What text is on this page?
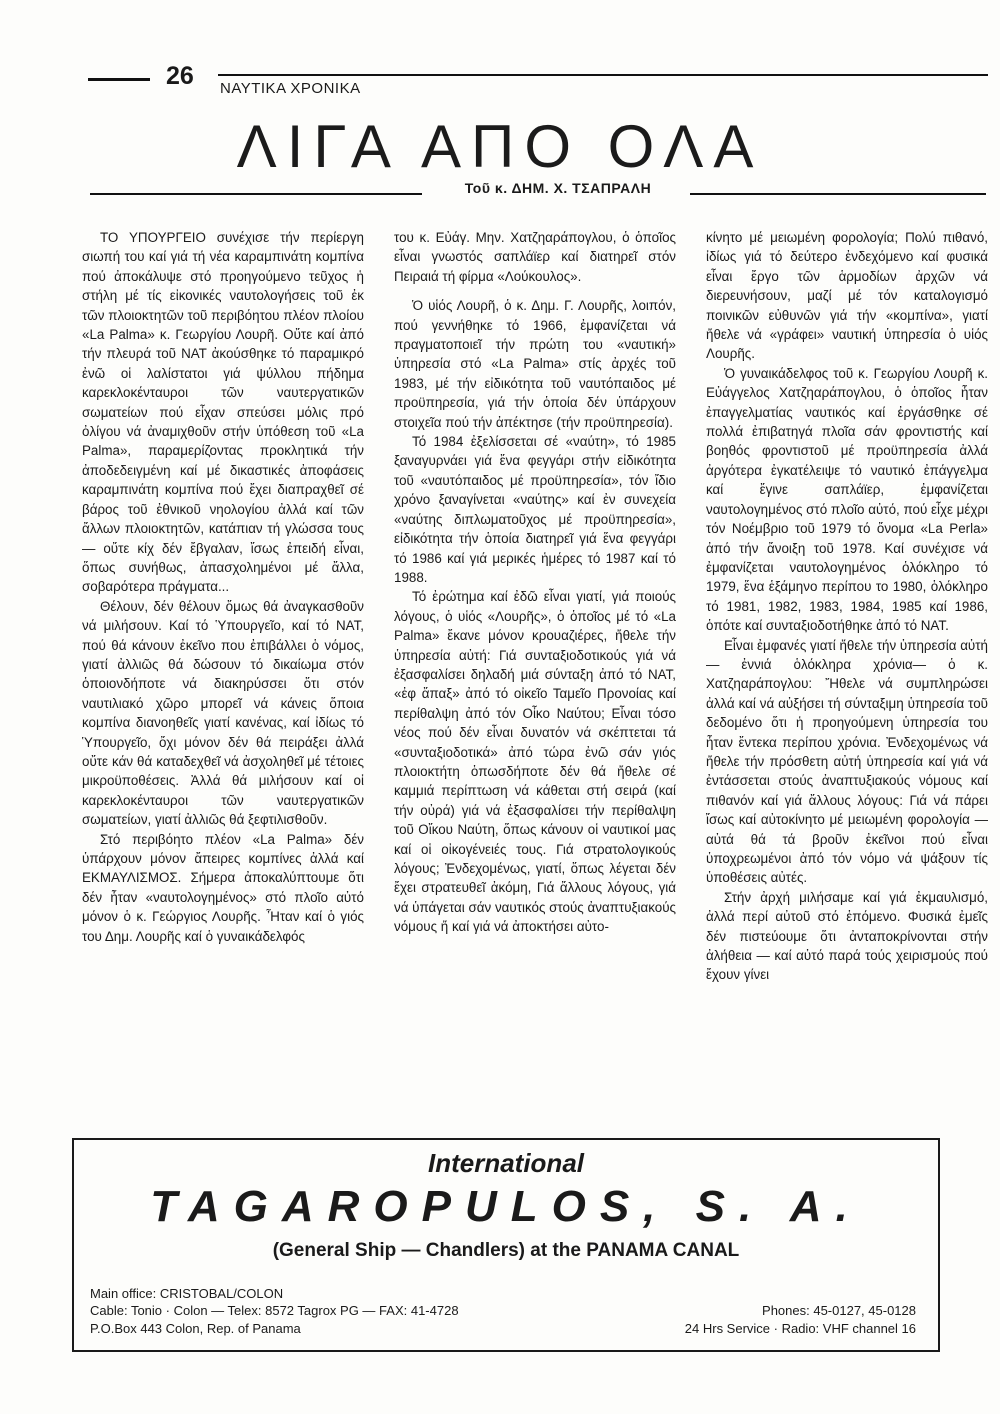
26 ΝΑΥΤΙΚΑ ΧΡΟΝΙΚΑ
ΛΙΓΑ ΑΠΟ ΟΛΑ
Τοῦ κ. ΔΗΜ. Χ. ΤΣΑΠΡΑΛΗ

ΤΟ ΥΠΟΥΡΓΕΙΟ συνέχισε τήν περίεργη σιωπή του καί γιά τή νέα καραμπινάτη κομπίνα πού ἀποκάλυψε στό προηγούμενο τεῦχος ἡ στήλη μέ τίς εἰκονικές ναυτολογήσεις τοῦ ἐκ τῶν πλοιοκτητῶν τοῦ περιβόητου πλέον πλοίου «La Palma» κ. Γεωργίου Λουρῆ. Οὔτε καί ἀπό τήν πλευρά τοῦ ΝΑΤ ἀκούσθηκε τό παραμικρό ἐνῶ οἱ λαλίστατοι γιά ψύλλου πήδημα καρεκλοκένταυροι τῶν ναυτεργατικῶν σωματείων πού εἶχαν σπεύσει μόλις πρό ὀλίγου νά ἀναμιχθοῦν στήν ὑπόθεση τοῦ «La Palma», παραμερίζοντας προκλητικά τήν ἀποδεδειγμένη καί μέ δικαστικές ἀποφάσεις καραμπινάτη κομπίνα πού ἔχει διαπραχθεῖ σέ βάρος τοῦ ἐθνικοῦ νηολογίου ἀλλά καί τῶν ἄλλων πλοιοκτητῶν, κατάπιαν τή γλώσσα τους — οὔτε κίχ δέν ἔβγαλαν, ἴσως ἐπειδή εἶναι, ὅπως συνήθως, ἀπασχολημένοι μέ ἄλλα, σοβαρότερα πράγματα...

Θέλουν, δέν θέλουν ὅμως θά ἀναγκασθοῦν νά μιλήσουν. Καί τό Ὑπουργεῖο, καί τό ΝΑΤ, πού θά κάνουν ἐκεῖνο που ἐπιβάλλει ὁ νόμος, γιατί ἀλλιῶς θά δώσουν τό δικαίωμα στόν ὁποιονδήποτε νά διακηρύσσει ὅτι στόν ναυτιλιακό χῶρο μπορεῖ νά κάνεις ὅποια κομπίνα διανοηθεῖς γιατί κανένας, καί ἰδίως τό Ὑπουργεῖο, ὄχι μόνον δέν θά πειράξει ἀλλά οὔτε κάν θά καταδεχθεῖ νά ἀσχοληθεῖ μέ τέτοιες μικροϋποθέσεις. Ἀλλά θά μιλήσουν καί οἱ καρεκλοκένταυροι τῶν ναυτεργατικῶν σωματείων, γιατί ἀλλιῶς θά ξεφτιλισθοῦν.

Στό περιβόητο πλέον «La Palma» δέν ὑπάρχουν μόνον ἄπειρες κομπίνες ἀλλά καί ΕΚΜΑΥΛΙΣΜΟΣ. Σήμερα ἀποκαλύπτουμε ὅτι δέν ἦταν «ναυτολογημένος» στό πλοῖο αὐτό μόνον ὁ κ. Γεώργιος Λουρῆς. Ἦταν καί ὁ γιός του Δημ. Λουρῆς καί ὁ γυναικάδελφός

του κ. Εὐάγ. Μην. Χατζηαράπογλου, ὁ ὁποῖος εἶναι γνωστός σαπλάϊερ καί διατηρεῖ στόν Πειραιά τή φίρμα «Λούκουλος».

Ὁ υἱός Λουρῆ, ὁ κ. Δημ. Γ. Λουρῆς, λοιπόν, πού γεννήθηκε τό 1966, ἐμφανίζεται νά πραγματοποιεῖ τήν πρώτη του «ναυτική» ὑπηρεσία στό «La Palma» στίς ἀρχές τοῦ 1983, μέ τήν εἰδικότητα τοῦ ναυτόπαιδος μέ προϋπηρεσία, γιά τήν ὁποία δέν ὑπάρχουν στοιχεῖα πού τήν ἀπέκτησε (τήν προϋπηρεσία).

Τό 1984 ἐξελίσσεται σέ «ναύτη», τό 1985 ξαναγυρνάει γιά ἕνα φεγγάρι στήν εἰδικότητα τοῦ «ναυτόπαιδος μέ προϋπηρεσία», τόν ἴδιο χρόνο ξαναγίνεται «ναύτης» καί ἐν συνεχεία «ναύτης διπλωματοῦχος μέ προϋπηρεσία», εἰδικότητα τήν ὁποία διατηρεῖ γιά ἕνα φεγγάρι τό 1986 καί γιά μερικές ἡμέρες τό 1987 καί τό 1988.

Τό ἐρώτημα καί ἐδῶ εἶναι γιατί, γιά ποιούς λόγους, ὁ υἱός «Λουρῆς», ὁ ὁποῖος μέ τό «La Palma» ἔκανε μόνον κρουαζιέρες, ἤθελε τήν ὑπηρεσία αὐτή: Γιά συνταξιοδοτικούς γιά νά ἐξασφαλίσει δηλαδή μιά σύνταξη ἀπό τό ΝΑΤ, «ἐφ ἅπαξ» ἀπό τό οἰκεῖο Ταμεῖο Προνοίας καί περίθαλψη ἀπό τόν Οἶκο Ναύτου; Εἶναι τόσο νέος πού δέν εἶναι δυνατόν νά σκέπτεται τά «συνταξιοδοτικά» ἀπό τώρα ἐνῶ σάν γιός πλοιοκτήτη ὁπωσδήποτε δέν θά ἤθελε σέ καμμιά περίπτωση νά κάθεται στή σειρά (καί τήν οὐρά) γιά νά ἐξασφαλίσει τήν περίθαλψη τοῦ Οἴκου Ναύτη, ὅπως κάνουν οἱ ναυτικοί μας καί οἱ οἰκογένειές τους. Γιά στρατολογικούς λόγους; Ἐνδεχομένως, γιατί, ὅπως λέγεται δέν ἔχει στρατευθεῖ ἀκόμη, Γιά ἄλλους λόγους, γιά νά ὑπάγεται σάν ναυτικός στούς ἀναπτυξιακούς νόμους ἤ καί γιά νά ἀποκτήσει αὐτο-

κίνητο μέ μειωμένη φορολογία; Πολύ πιθανό, ἰδίως γιά τό δεύτερο ἐνδεχόμενο καί φυσικά εἶναι ἔργο τῶν ἁρμοδίων ἀρχῶν νά διερευνήσουν, μαζί μέ τόν καταλογισμό ποινικῶν εὐθυνῶν γιά τήν «κομπίνα», γιατί ἤθελε νά «γράφει» ναυτική ὑπηρεσία ὁ υἱός Λουρῆς.

Ὁ γυναικάδελφος τοῦ κ. Γεωργίου Λουρῆ κ. Εὐάγγελος Χατζηαράπογλου, ὁ ὁποῖος ἦταν ἐπαγγελματίας ναυτικός καί ἐργάσθηκε σέ πολλά ἐπιβατηγά πλοῖα σάν φροντιστής καί βοηθός φροντιστοῦ μέ προϋπηρεσία ἀλλά ἀργότερα ἐγκατέλειψε τό ναυτικό ἐπάγγελμα καί ἔγινε σαπλάϊερ, ἐμφανίζεται ναυτολογημένος στό πλοῖο αὐτό, πού εἶχε μέχρι τόν Νοέμβριο τοῦ 1979 τό ὄνομα «La Perla» ἀπό τήν ἄνοιξη τοῦ 1978. Καί συνέχισε νά ἐμφανίζεται ναυτολογημένος ὁλόκληρο τό 1979, ἕνα ἑξάμηνο περίπου το 1980, ὁλόκληρο τό 1981, 1982, 1983, 1984, 1985 καί 1986, ὁπότε καί συνταξιοδοτήθηκε ἀπό τό ΝΑΤ.

Εἶναι ἐμφανές γιατί ἤθελε τήν ὑπηρεσία αὐτή — ἐννιά ὁλόκληρα χρόνια— ὁ κ. Χατζηαράπογλου: Ἤθελε νά συμπληρώσει ἀλλά καί νά αὐξήσει τή σύνταξιμη ὑπηρεσία τοῦ δεδομένο ὅτι ἡ προηγούμενη ὑπηρεσία του ἦταν ἔντεκα περίπου χρόνια. Ἐνδεχομένως νά ἤθελε τήν πρόσθετη αὐτή ὑπηρεσία καί γιά νά ἐντάσσεται στούς ἀναπτυξιακούς νόμους καί πιθανόν καί γιά ἄλλους λόγους: Γιά νά πάρει ἴσως καί αὐτοκίνητο μέ μειωμένη φορολογία — αὐτά θά τά βροῦν ἐκεῖνοι πού εἶναι ὑποχρεωμένοι ἀπό τόν νόμο νά ψάξουν τίς ὑποθέσεις αὐτές.

Στήν ἀρχή μιλήσαμε καί γιά ἐκμαυλισμό, ἀλλά περί αὐτοῦ στό ἑπόμενο. Φυσικά ἐμεῖς δέν πιστεύουμε ὅτι ἀνταποκρίνονται στήν ἀλήθεια — καί αὐτό παρά τούς χειρισμούς πού ἔχουν γίνει

International
TAGAROPULOS, S. A.
(General Ship — Chandlers) at the PANAMA CANAL
Main office: CRISTOBAL/COLON
Cable: Tonio · Colon — Telex: 8572 Tagrox PG — FAX: 41-4728
P.O.Box 443 Colon, Rep. of Panama
Phones: 45-0127, 45-0128
24 Hrs Service · Radio: VHF channel 16
